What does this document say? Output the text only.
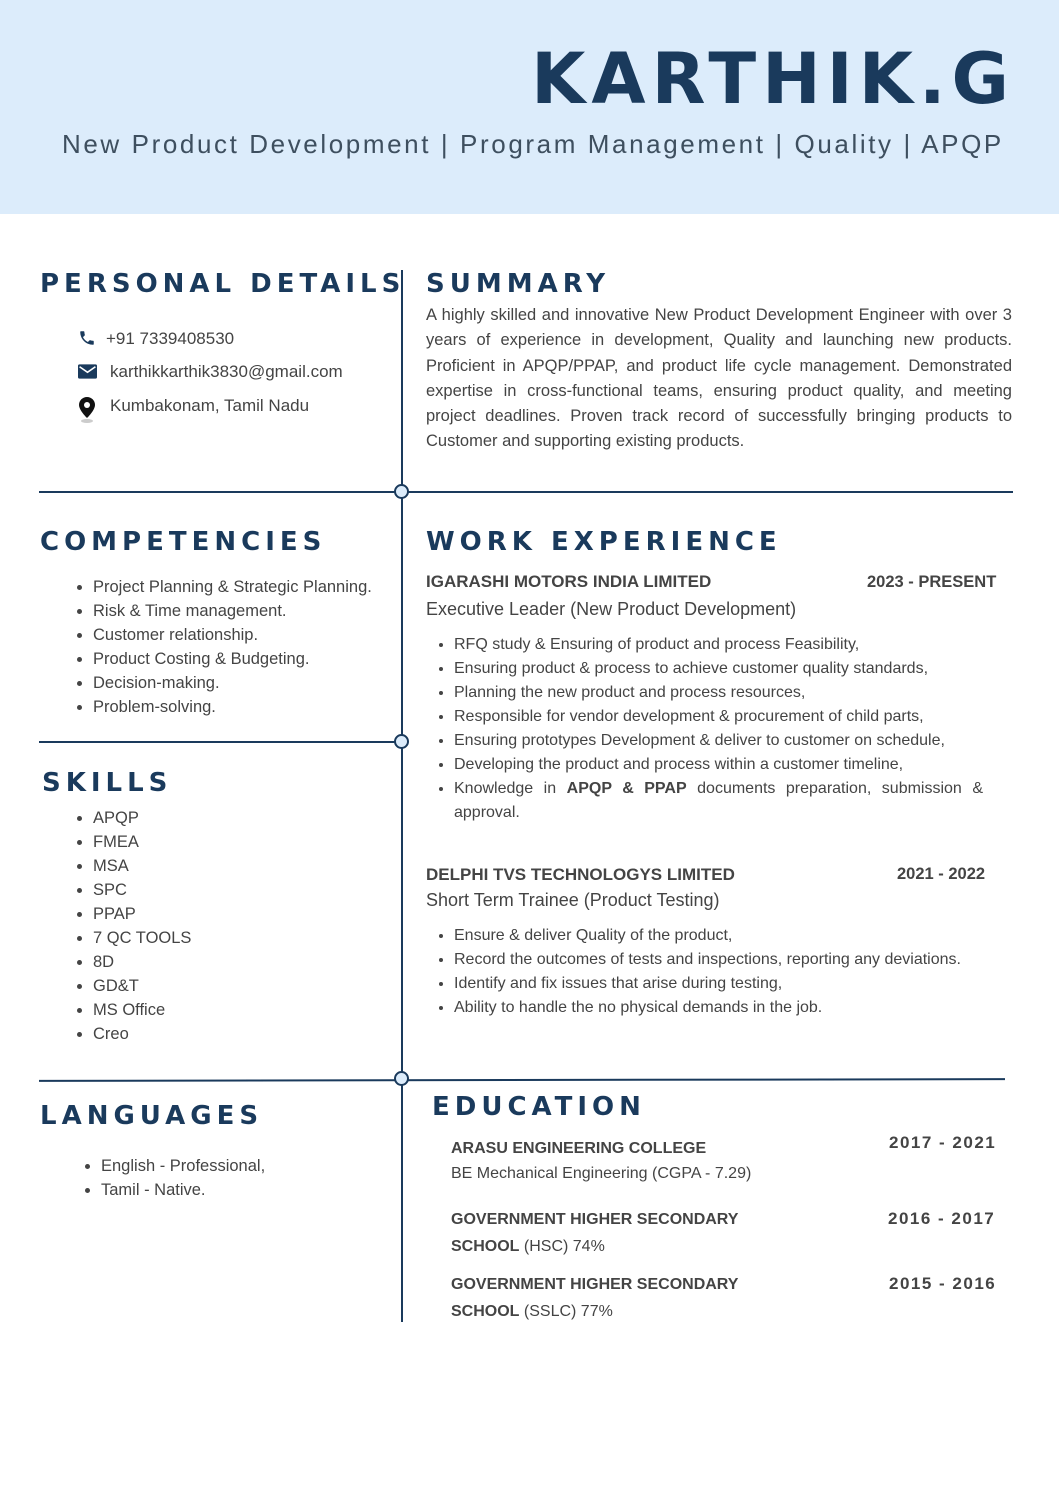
KARTHIK.G
New Product Development | Program Management | Quality | APQP
PERSONAL DETAILS
+91 7339408530
karthikkarthik3830@gmail.com
Kumbakonam, Tamil Nadu
SUMMARY
A highly skilled and innovative New Product Development Engineer with over 3 years of experience in development, Quality and launching new products. Proficient in APQP/PPAP, and product life cycle management. Demonstrated expertise in cross-functional teams, ensuring product quality, and meeting project deadlines. Proven track record of successfully bringing products to Customer and supporting existing products.
COMPETENCIES
• Project Planning & Strategic Planning.
• Risk & Time management.
• Customer relationship.
• Product Costing & Budgeting.
• Decision-making.
• Problem-solving.
SKILLS
• APQP
• FMEA
• MSA
• SPC
• PPAP
• 7 QC TOOLS
• 8D
• GD&T
• MS Office
• Creo
LANGUAGES
• English - Professional,
• Tamil - Native.
WORK EXPERIENCE
IGARASHI MOTORS INDIA LIMITED	2023 - PRESENT
Executive Leader (New Product Development)
• RFQ study & Ensuring of product and process Feasibility,
• Ensuring product & process to achieve customer quality standards,
• Planning the new product and process resources,
• Responsible for vendor development & procurement of child parts,
• Ensuring prototypes Development & deliver to customer on schedule,
• Developing the product and process within a customer timeline,
• Knowledge in APQP & PPAP documents preparation, submission & approval.
DELPHI TVS TECHNOLOGYS LIMITED	2021 - 2022
Short Term Trainee (Product Testing)
• Ensure & deliver Quality of the product,
• Record the outcomes of tests and inspections, reporting any deviations.
• Identify and fix issues that arise during testing,
• Ability to handle the no physical demands in the job.
EDUCATION
ARASU ENGINEERING COLLEGE
BE Mechanical Engineering (CGPA - 7.29)
2017 - 2021
GOVERNMENT HIGHER SECONDARY
SCHOOL (HSC) 74%
2016 - 2017
GOVERNMENT HIGHER SECONDARY
SCHOOL (SSLC) 77%
2015 - 2016
